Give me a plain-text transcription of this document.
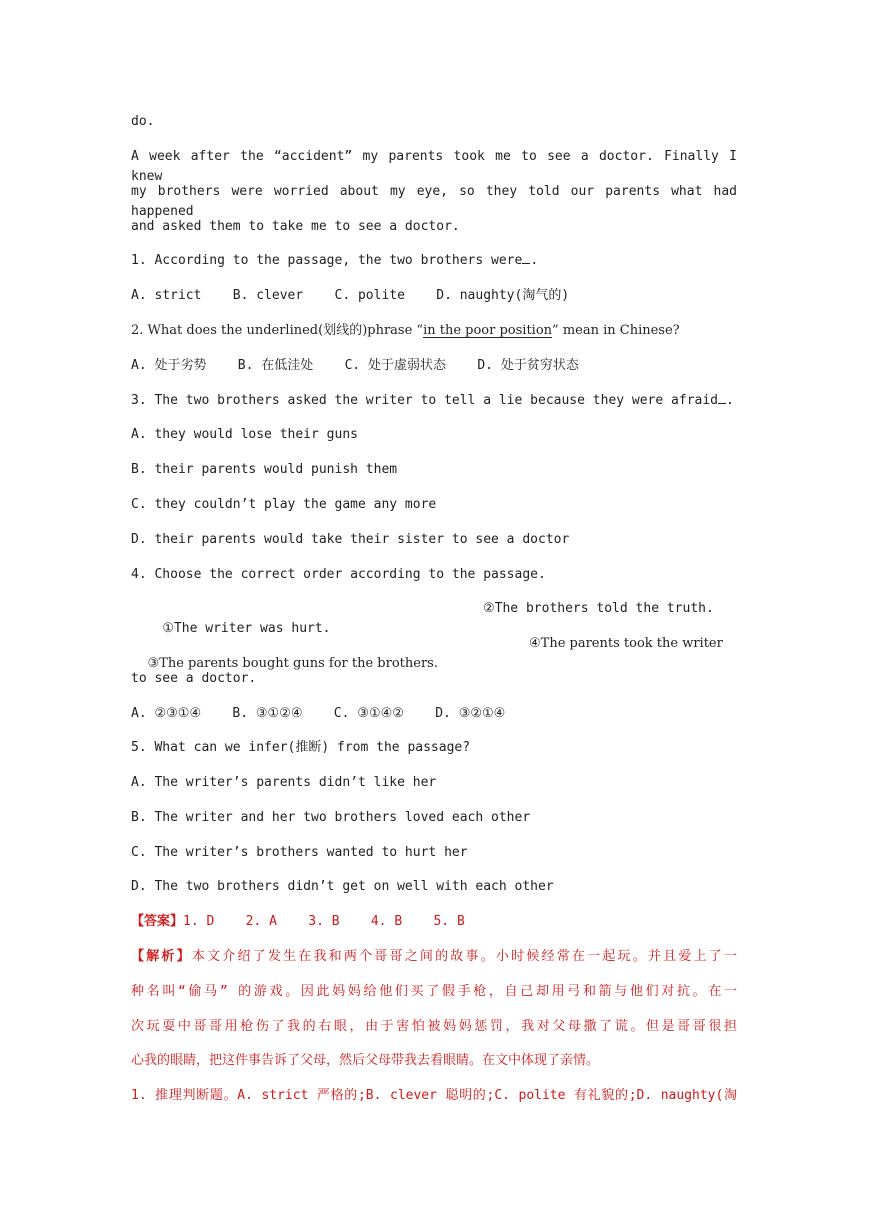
do.

A week after the “accident” my parents took me to see a doctor. Finally I knew

my brothers were worried about my eye, so they told our parents what had happened

and asked them to take me to see a doctor.

1. According to the passage, the two brothers were .

A. strict    B. clever    C. polite    D. naughty(淘气的)

2. What does the underlined(划线的)phrase “in the poor position” mean in Chinese?

A. 处于劣势    B. 在低洼处    C. 处于虚弱状态    D. 处于贫穷状态

3. The two brothers asked the writer to tell a lie because they were afraid .

A. they would lose their guns

B. their parents would punish them

C. they couldn’t play the game any more

D. their parents would take their sister to see a doctor

4. Choose the correct order according to the passage.

①The writer was hurt.

②The brothers told the truth.

③The parents bought guns for the brothers.

④The parents took the writer

to see a doctor.

A. ②③①④    B. ③①②④    C. ③①④②    D. ③②①④

5. What can we infer(推断) from the passage?

A. The writer’s parents didn’t like her

B. The writer and her two brothers loved each other

C. The writer’s brothers wanted to hurt her

D. The two brothers didn’t get on well with each other

【答案】1. D    2. A    3. B    4. B    5. B

【解析】本文介绍了发生在我和两个哥哥之间的故事。小时候经常在一起玩。并且爱上了一

种名叫“偷马” 的游戏。因此妈妈给他们买了假手枪，自己却用弓和箭与他们对抗。在一

次玩耍中哥哥用枪伤了我的右眼，由于害怕被妈妈惩罚，我对父母撒了谎。但是哥哥很担

心我的眼睛，把这件事告诉了父母，然后父母带我去看眼睛。在文中体现了亲情。

1. 推理判断题。A. strict 严格的;B. clever 聪明的;C. polite 有礼貌的;D. naughty(淘
